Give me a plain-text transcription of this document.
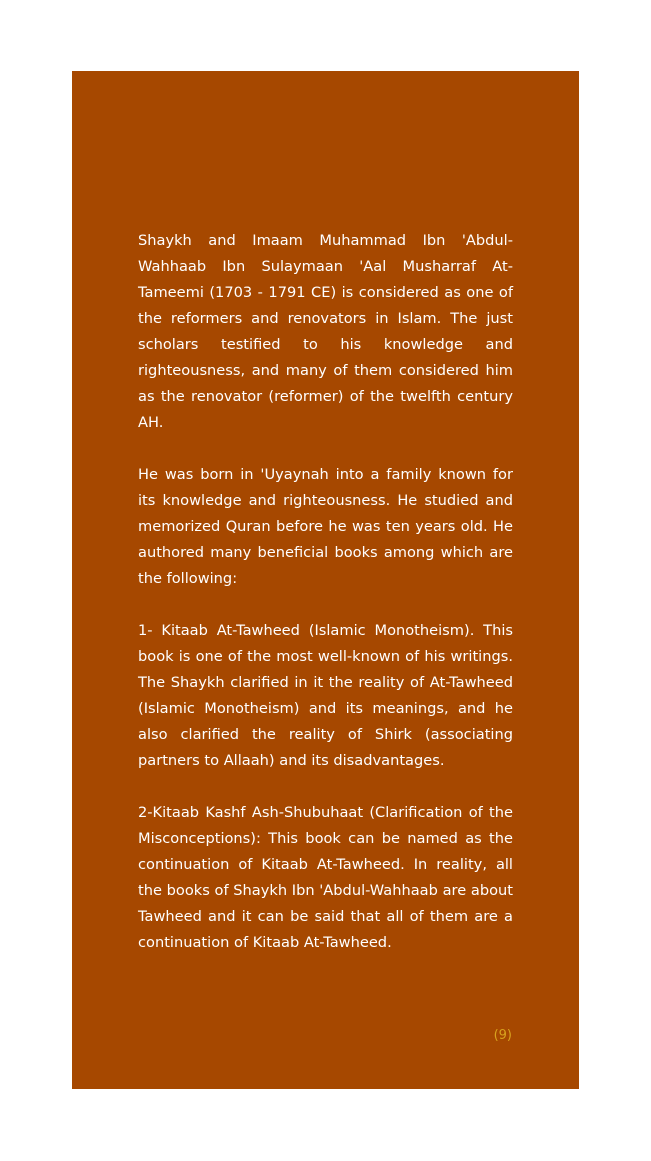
Shaykh and Imaam Muhammad Ibn 'Abdul-Wahhaab Ibn Sulaymaan 'Aal Musharraf At-Tameemi (1703 - 1791 CE) is considered as one of the reformers and renovators in Islam. The just scholars testified to his knowledge and righteousness, and many of them considered him as the renovator (reformer) of the twelfth century AH.

He was born in 'Uyaynah into a family known for its knowledge and righteousness. He studied and memorized Quran before he was ten years old. He authored many beneficial books among which are the following:

1- Kitaab At-Tawheed (Islamic Monotheism). This book is one of the most well-known of his writings. The Shaykh clarified in it the reality of At-Tawheed (Islamic Monotheism) and its meanings, and he also clarified the reality of Shirk (associating partners to Allaah) and its disadvantages.

2-Kitaab Kashf Ash-Shubuhaat (Clarification of the Misconceptions): This book can be named as the continuation of Kitaab At-Tawheed. In reality, all the books of Shaykh Ibn 'Abdul-Wahhaab are about Tawheed and it can be said that all of them are a continuation of Kitaab At-Tawheed.

(9)
